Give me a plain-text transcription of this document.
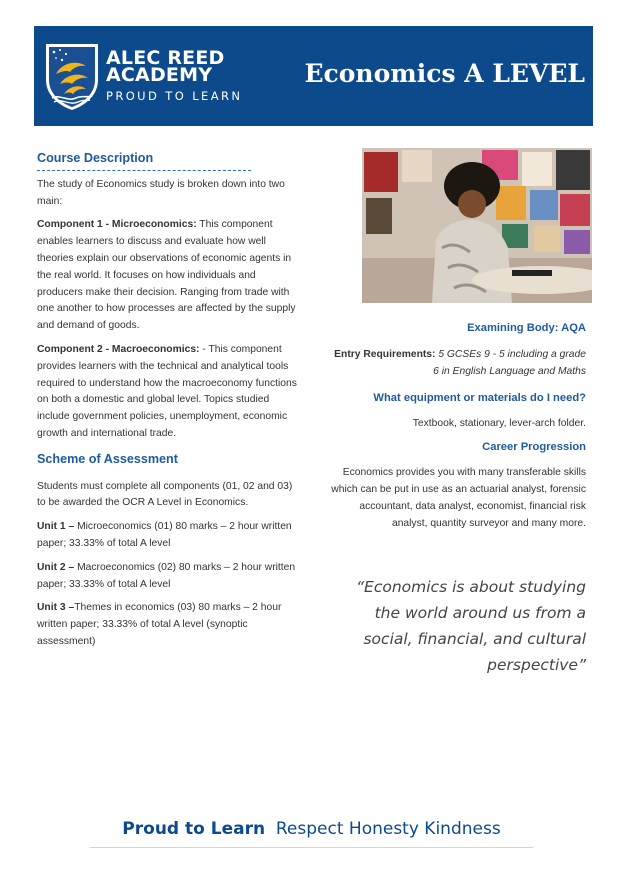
ALEC REED
ACADEMY
PROUD TO LEARN
Economics A LEVEL
Course Description

The study of Economics study is broken down into two main:

Component 1 - Microeconomics: This component enables learners to discuss and evaluate how well theories explain our observations of economic agents in the real world. It focuses on how individuals and producers make their decision. Ranging from trade with one another to how processes are affected by the supply and demand of goods.

Component 2 - Macroeconomics: - This component provides learners with the technical and analytical tools required to understand how the macroeconomy functions on both a domestic and global level. Topics studied include government policies, unemployment, economic growth and international trade.

Scheme of Assessment

Students must complete all components (01, 02 and 03) to be awarded the OCR A Level in Economics.

Unit 1 – Microeconomics (01) 80 marks – 2 hour written paper; 33.33% of total A level

Unit 2 – Macroeconomics (02) 80 marks – 2 hour written paper; 33.33% of total A level

Unit 3 –Themes in economics (03) 80 marks – 2 hour written paper; 33.33% of total A level (synoptic assessment)

Examining Body: AQA

Entry Requirements: 5 GCSEs 9 - 5 including a grade 6 in English Language and Maths

What equipment or materials do I need?

Textbook, stationary, lever-arch folder.

Career Progression

Economics provides you with many transferable skills which can be put in use as an actuarial analyst, forensic accountant, data analyst, economist, financial risk analyst, quantity surveyor and many more.

“Economics is about studying the world around us from a social, financial, and cultural perspective”
Proud to Learn Respect Honesty Kindness
